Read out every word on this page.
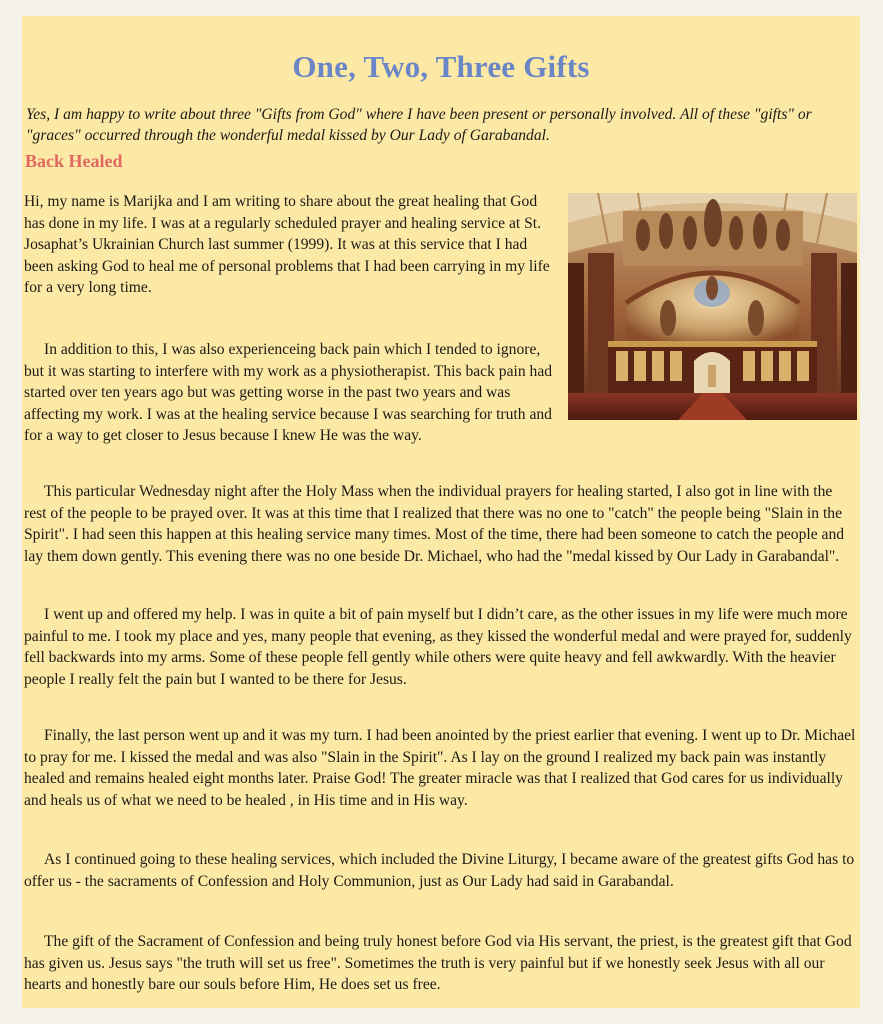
One, Two, Three Gifts

Yes, I am happy to write about three "Gifts from God" where I have been present or personally involved. All of these "gifts" or "graces" occurred through the wonderful medal kissed by Our Lady of Garabandal.

Back Healed

Hi, my name is Marijka and I am writing to share about the great healing that God has done in my life. I was at a regularly scheduled prayer and healing service at St. Josaphat’s Ukrainian Church last summer (1999). It was at this service that I had been asking God to heal me of personal problems that I had been carrying in my life for a very long time.

In addition to this, I was also experienceing back pain which I tended to ignore, but it was starting to interfere with my work as a physiotherapist. This back pain had started over ten years ago but was getting worse in the past two years and was affecting my work. I was at the healing service because I was searching for truth and for a way to get closer to Jesus because I knew He was the way.

This particular Wednesday night after the Holy Mass when the individual prayers for healing started, I also got in line with the rest of the people to be prayed over. It was at this time that I realized that there was no one to "catch" the people being "Slain in the Spirit". I had seen this happen at this healing service many times. Most of the time, there had been someone to catch the people and lay them down gently. This evening there was no one beside Dr. Michael, who had the "medal kissed by Our Lady in Garabandal".

I went up and offered my help. I was in quite a bit of pain myself but I didn’t care, as the other issues in my life were much more painful to me. I took my place and yes, many people that evening, as they kissed the wonderful medal and were prayed for, suddenly fell backwards into my arms. Some of these people fell gently while others were quite heavy and fell awkwardly. With the heavier people I really felt the pain but I wanted to be there for Jesus.

Finally, the last person went up and it was my turn. I had been anointed by the priest earlier that evening. I went up to Dr. Michael to pray for me. I kissed the medal and was also "Slain in the Spirit". As I lay on the ground I realized my back pain was instantly healed and remains healed eight months later. Praise God! The greater miracle was that I realized that God cares for us individually and heals us of what we need to be healed , in His time and in His way.

As I continued going to these healing services, which included the Divine Liturgy, I became aware of the greatest gifts God has to offer us - the sacraments of Confession and Holy Communion, just as Our Lady had said in Garabandal.

The gift of the Sacrament of Confession and being truly honest before God via His servant, the priest, is the greatest gift that God has given us. Jesus says "the truth will set us free". Sometimes the truth is very painful but if we honestly seek Jesus with all our hearts and honestly bare our souls before Him, He does set us free.
